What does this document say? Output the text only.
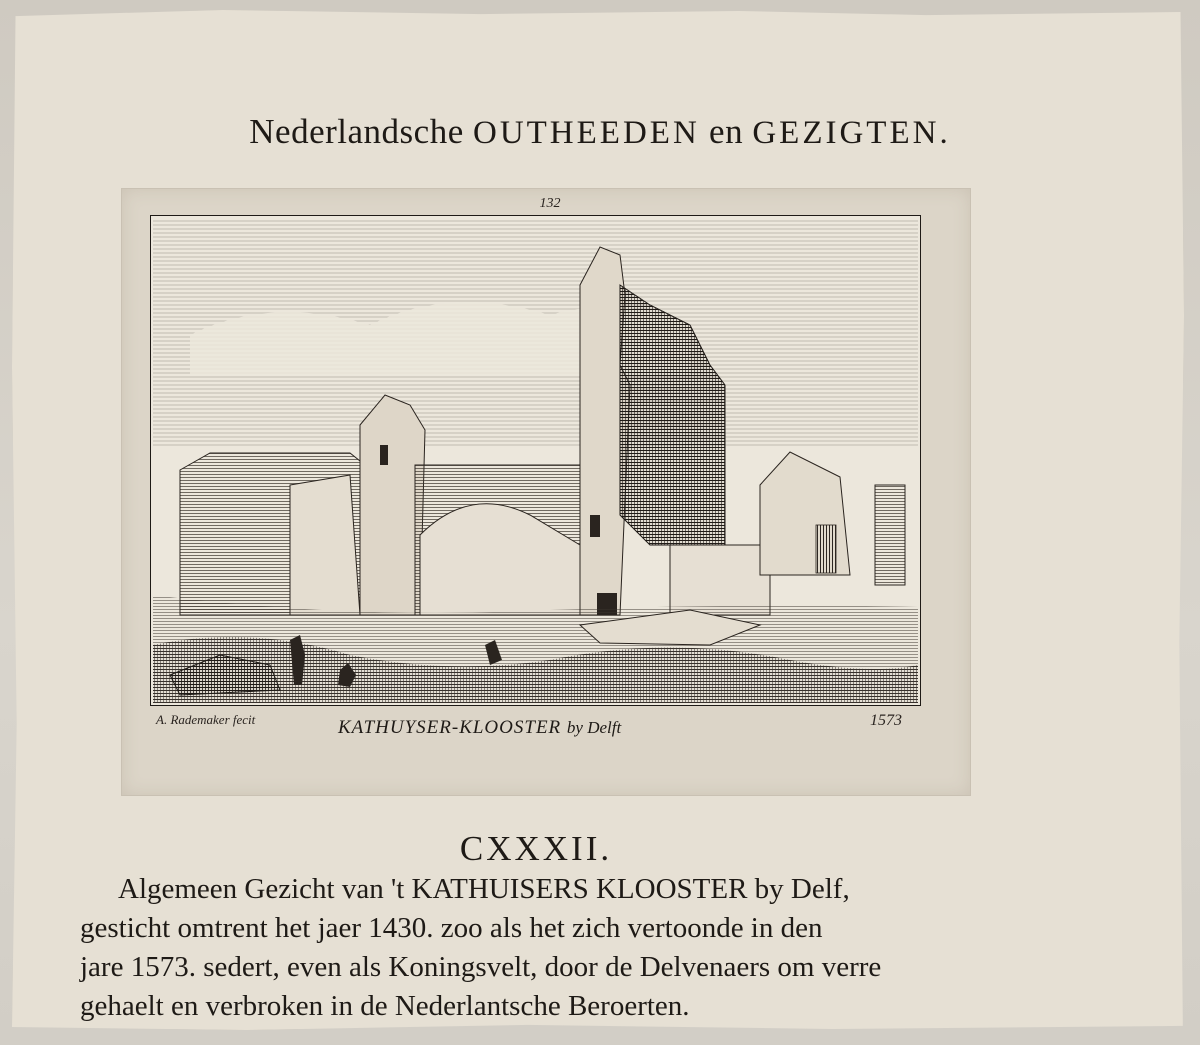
Nederlandsche OUTHEEDEN en GEZIGTEN.
132
A. Rademaker fecit	KATHUYSER-KLOOSTER by Delft	1573
CXXXII.

Algemeen Gezicht van 't KATHUISERS KLOOSTER by Delf,
gesticht omtrent het jaer 1430. zoo als het zich vertoonde in den
jare 1573. sedert, even als Koningsvelt, door de Delvenaers om verre
gehaelt en verbroken in de Nederlantsche Beroerten.
